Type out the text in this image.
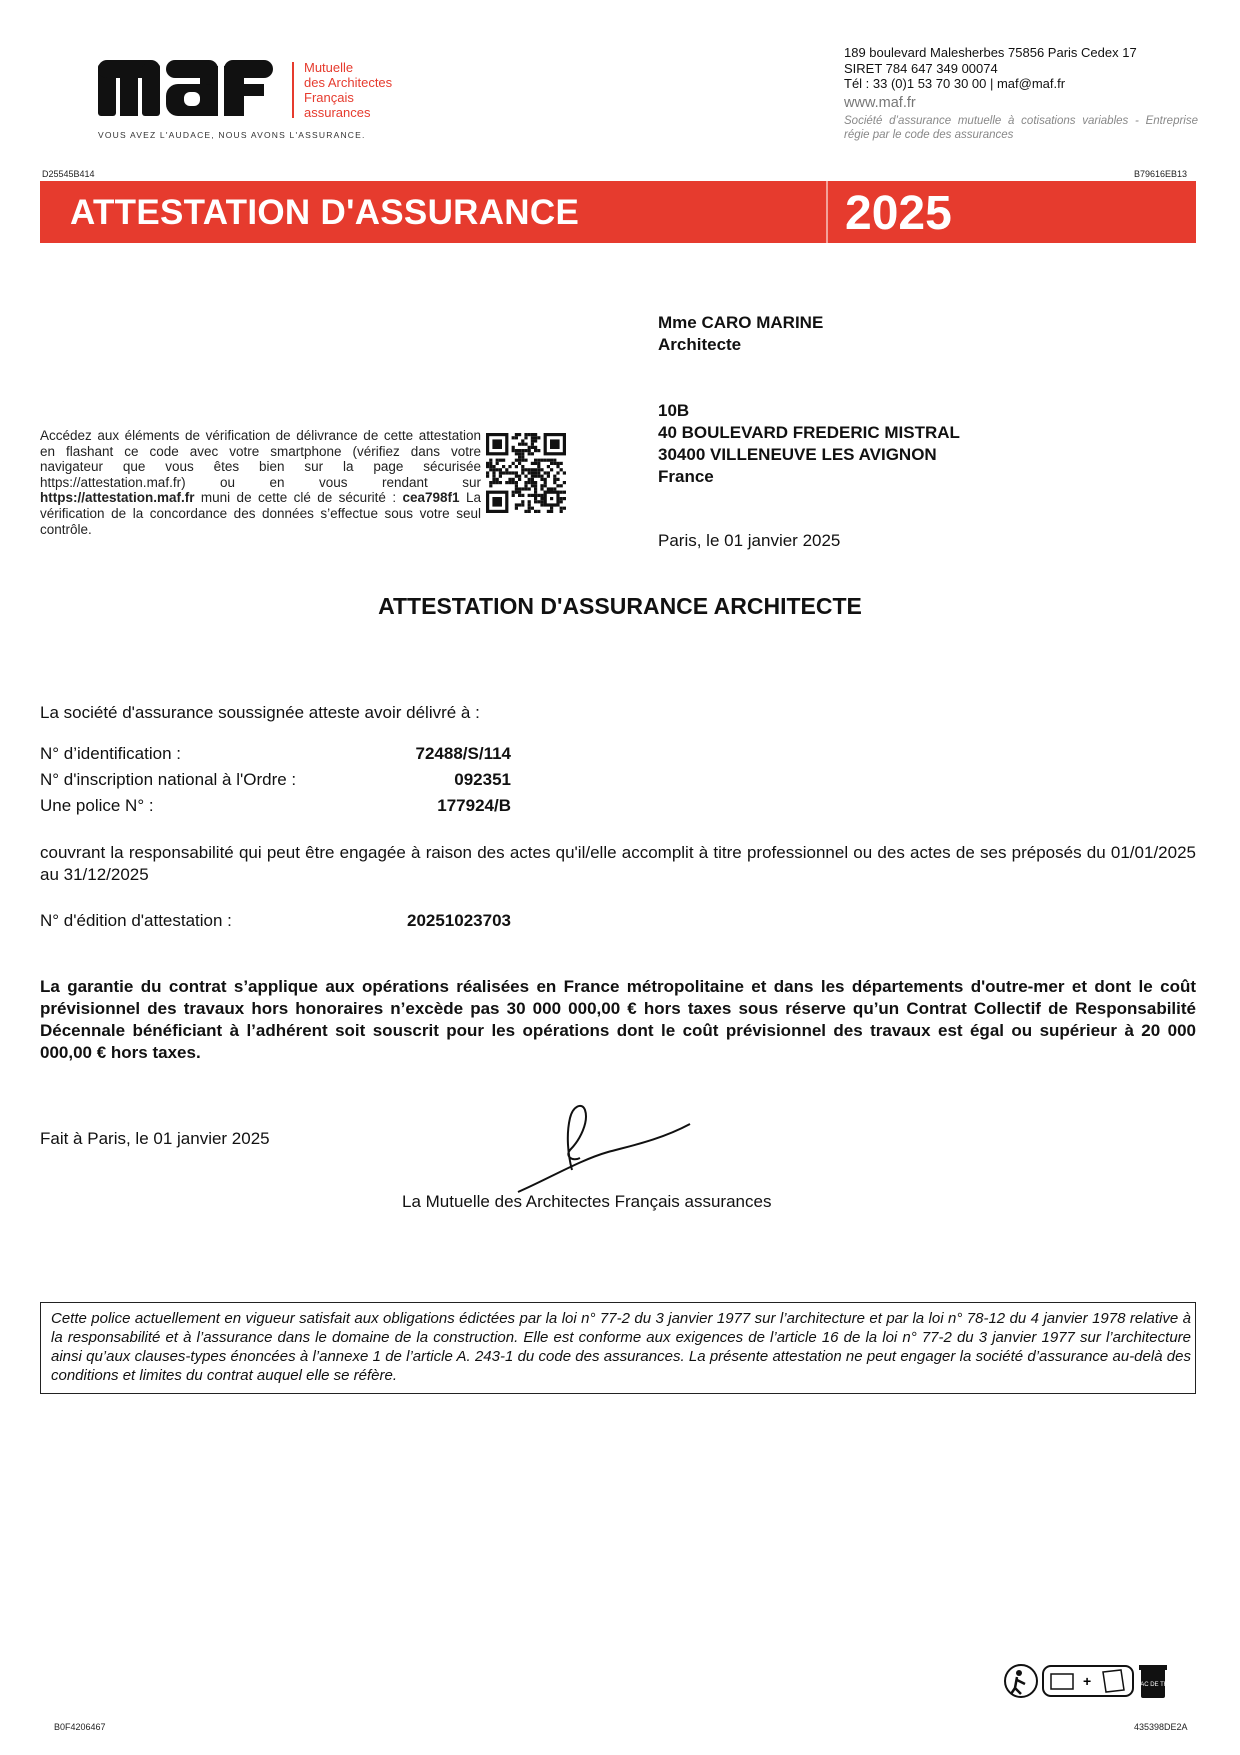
Mutuelle
des Architectes
Français
assurances
VOUS AVEZ L'AUDACE, NOUS AVONS L'ASSURANCE.
189 boulevard Malesherbes 75856 Paris Cedex 17
SIRET 784 647 349 00074
Tél : 33 (0)1 53 70 30 00 | maf@maf.fr
www.maf.fr
Société d’assurance mutuelle à cotisations variables - Entreprise régie par le code des assurances
D25545B414	B79616EB13
ATTESTATION D'ASSURANCE	2025
Mme CARO MARINE
Architecte
10B
40 BOULEVARD FREDERIC MISTRAL
30400 VILLENEUVE LES AVIGNON
France
Paris, le 01 janvier 2025
Accédez aux éléments de vérification de délivrance de cette attestation en flashant ce code avec votre smartphone (vérifiez dans votre navigateur que vous êtes bien sur la page sécurisée https://attestation.maf.fr) ou en vous rendant sur https://attestation.maf.fr muni de cette clé de sécurité : cea798f1 La vérification de la concordance des données s’effectue sous votre seul contrôle.
ATTESTATION D'ASSURANCE ARCHITECTE
La société d'assurance soussignée atteste avoir délivré à :
N° d’identification :	72488/S/114
N° d'inscription national à l'Ordre :	092351
Une police N° :	177924/B
couvrant la responsabilité qui peut être engagée à raison des actes qu'il/elle accomplit à titre professionnel ou des actes de ses préposés du 01/01/2025 au 31/12/2025
N° d'édition d'attestation :	20251023703
La garantie du contrat s’applique aux opérations réalisées en France métropolitaine et dans les départements d'outre-mer et dont le coût prévisionnel des travaux hors honoraires n’excède pas 30 000 000,00 € hors taxes sous réserve qu’un Contrat Collectif de Responsabilité Décennale bénéficiant à l’adhérent soit souscrit pour les opérations dont le coût prévisionnel des travaux est égal ou supérieur à 20 000 000,00 € hors taxes.
Fait à Paris, le 01 janvier 2025
La Mutuelle des Architectes Français assurances
Cette police actuellement en vigueur satisfait aux obligations édictées par la loi n° 77-2 du 3 janvier 1977 sur l’architecture et par la loi n° 78-12 du 4 janvier 1978 relative à la responsabilité et à l’assurance dans le domaine de la construction. Elle est conforme aux exigences de l’article 16 de la loi n° 77-2 du 3 janvier 1977 sur l’architecture ainsi qu’aux clauses-types énoncées à l’annexe 1 de l’article A. 243-1 du code des assurances. La présente attestation ne peut engager la société d’assurance au-delà des conditions et limites du contrat auquel elle se réfère.
+	BAC DE TRI
B0F4206467	435398DE2A
